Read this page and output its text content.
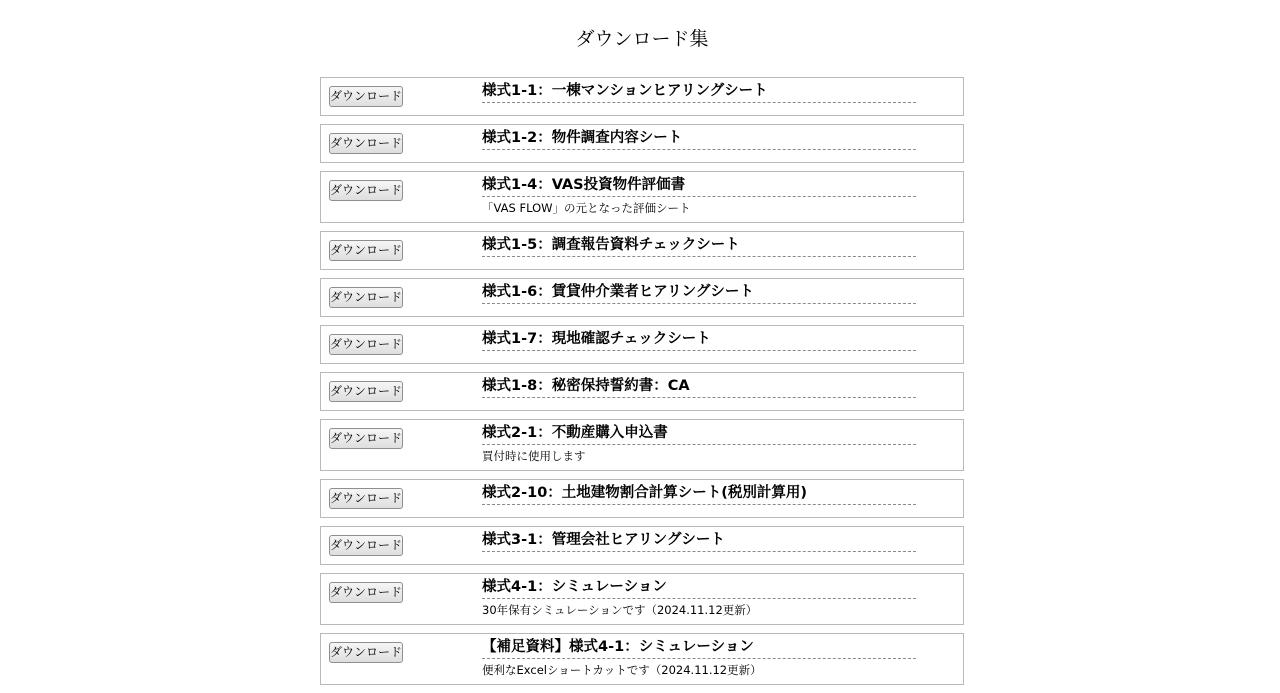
ダウンロード集
ダウンロード	様式1-1：一棟マンションヒアリングシート
ダウンロード	様式1-2：物件調査内容シート
ダウンロード	様式1-4：VAS投資物件評価書
「VAS FLOW」の元となった評価シート
ダウンロード	様式1-5：調査報告資料チェックシート
ダウンロード	様式1-6：賃貸仲介業者ヒアリングシート
ダウンロード	様式1-7：現地確認チェックシート
ダウンロード	様式1-8：秘密保持誓約書：CA
ダウンロード	様式2-1：不動産購入申込書
買付時に使用します
ダウンロード	様式2-10：土地建物割合計算シート(税別計算用)
ダウンロード	様式3-1：管理会社ヒアリングシート
ダウンロード	様式4-1：シミュレーション
30年保有シミュレーションです（2024.11.12更新）
ダウンロード	【補足資料】様式4-1：シミュレーション
便利なExcelショートカットです（2024.11.12更新）
